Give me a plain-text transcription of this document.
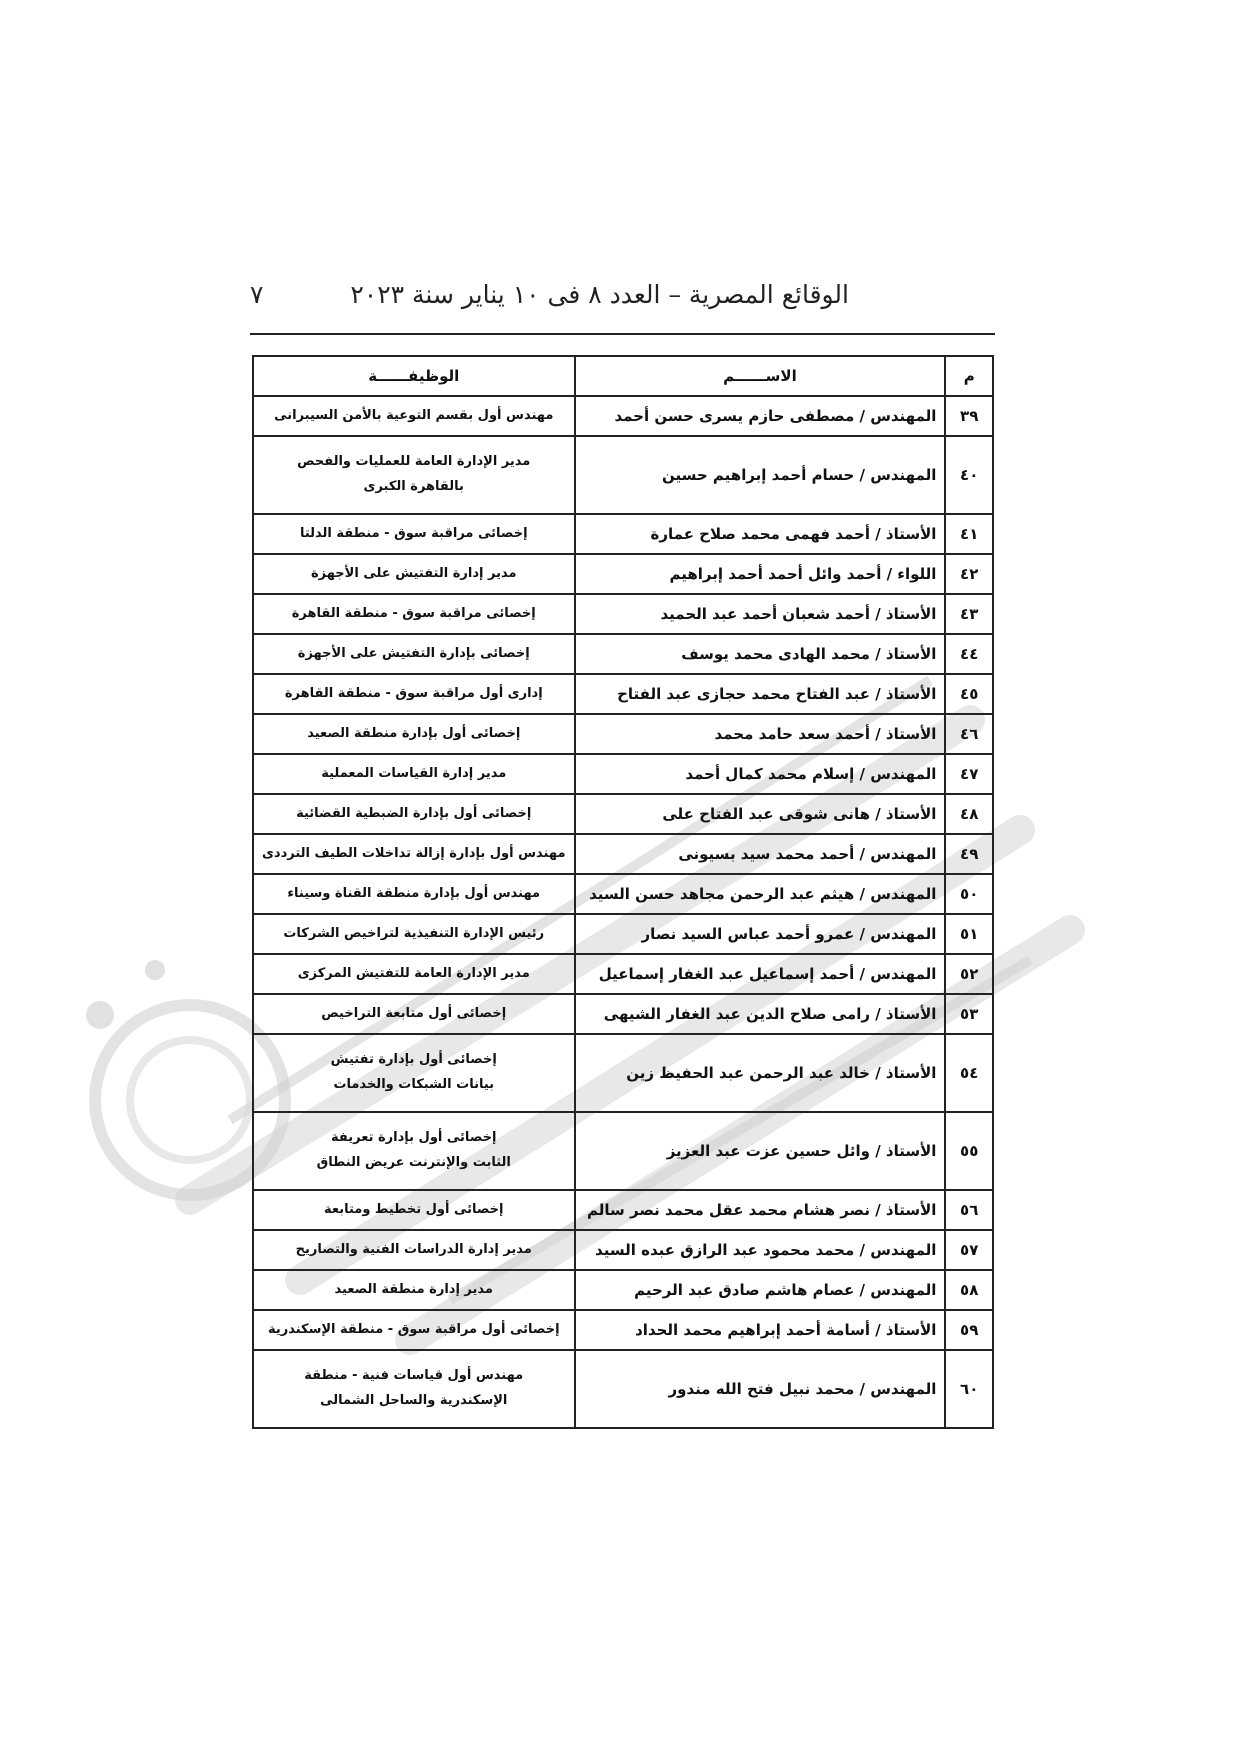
الوقائع المصرية – العدد ٨ فى ١٠ يناير سنة ٢٠٢٣
٧
م	الاســــــم	الوظيفــــــة
٣٩	المهندس / مصطفى حازم يسرى حسن أحمد	مهندس أول بقسم التوعية بالأمن السيبرانى

٤٠	المهندس / حسام أحمد إبراهيم حسين	مدير الإدارة العامة للعمليات والفحص
بالقاهرة الكبرى

٤١	الأستاذ / أحمد فهمى محمد صلاح عمارة	إخصائى مراقبة سوق - منطقة الدلتا

٤٢	اللواء / أحمد وائل أحمد أحمد إبراهيم	مدير إدارة التفتيش على الأجهزة

٤٣	الأستاذ / أحمد شعبان أحمد عبد الحميد	إخصائى مراقبة سوق - منطقة القاهرة

٤٤	الأستاذ / محمد الهادى محمد يوسف	إخصائى بإدارة التفتيش على الأجهزة

٤٥	الأستاذ / عبد الفتاح محمد حجازى عبد الفتاح	إدارى أول مراقبة سوق - منطقة القاهرة

٤٦	الأستاذ / أحمد سعد حامد محمد	إخصائى أول بإدارة منطقة الصعيد

٤٧	المهندس / إسلام محمد كمال أحمد	مدير إدارة القياسات المعملية

٤٨	الأستاذ / هانى شوقى عبد الفتاح على	إخصائى أول بإدارة الضبطية القضائية

٤٩	المهندس / أحمد محمد سيد بسيونى	مهندس أول بإدارة إزالة تداخلات الطيف الترددى

٥٠	المهندس / هيثم عبد الرحمن مجاهد حسن السيد	مهندس أول بإدارة منطقة القناة وسيناء

٥١	المهندس / عمرو أحمد عباس السيد نصار	رئيس الإدارة التنفيذية لتراخيص الشركات

٥٢	المهندس / أحمد إسماعيل عبد الغفار إسماعيل	مدير الإدارة العامة للتفتيش المركزى

٥٣	الأستاذ / رامى صلاح الدين عبد الغفار الشيهى	إخصائى أول متابعة التراخيص

٥٤	الأستاذ / خالد عبد الرحمن عبد الحفيظ زين	إخصائى أول بإدارة تفتيش
بيانات الشبكات والخدمات

٥٥	الأستاذ / وائل حسين عزت عبد العزيز	إخصائى أول بإدارة تعريفة
الثابت والإنترنت عريض النطاق

٥٦	الأستاذ / نصر هشام محمد عقل محمد نصر سالم	إخصائى أول تخطيط ومتابعة

٥٧	المهندس / محمد محمود عبد الرازق عبده السيد	مدير إدارة الدراسات الفنية والتصاريح

٥٨	المهندس / عصام هاشم صادق عبد الرحيم	مدير إدارة منطقة الصعيد

٥٩	الأستاذ / أسامة أحمد إبراهيم محمد الحداد	إخصائى أول مراقبة سوق - منطقة الإسكندرية

٦٠	المهندس / محمد نبيل فتح الله مندور	مهندس أول قياسات فنية - منطقة
الإسكندرية والساحل الشمالى
